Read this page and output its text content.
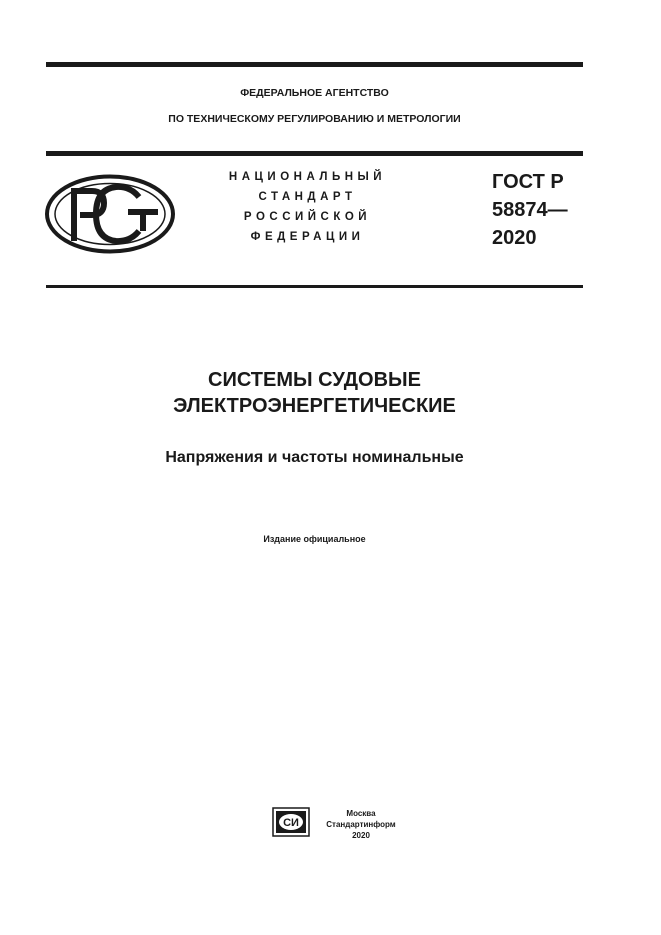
ФЕДЕРАЛЬНОЕ АГЕНТСТВО
ПО ТЕХНИЧЕСКОМУ РЕГУЛИРОВАНИЮ И МЕТРОЛОГИИ
НАЦИОНАЛЬНЫЙ
СТАНДАРТ
РОССИЙСКОЙ
ФЕДЕРАЦИИ
ГОСТ Р
58874—
2020
СИСТЕМЫ СУДОВЫЕ
ЭЛЕКТРОЭНЕРГЕТИЧЕСКИЕ
Напряжения и частоты номинальные
Издание официальное
СИ
Москва
Стандартинформ
2020
